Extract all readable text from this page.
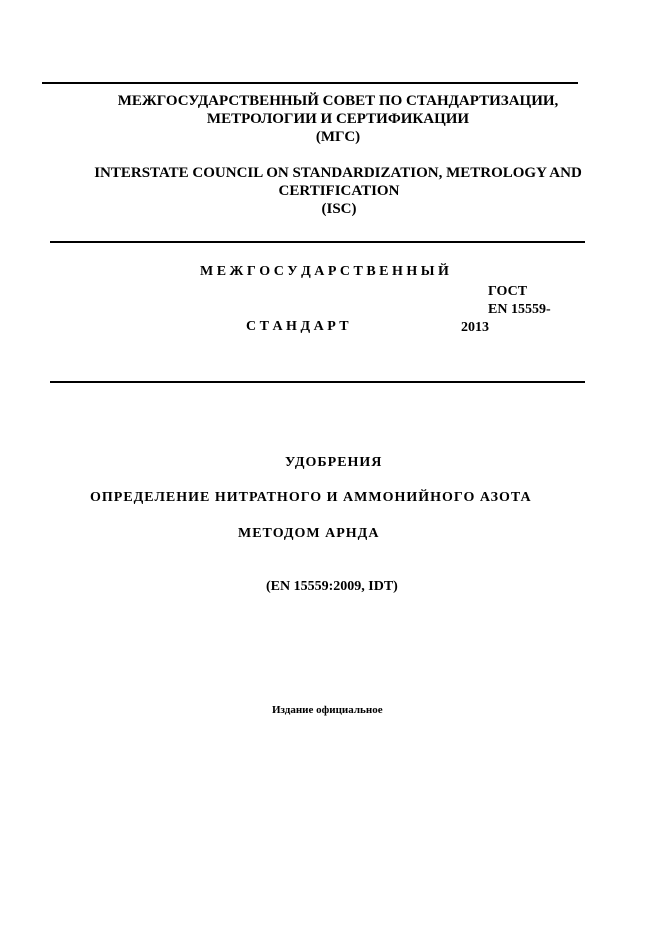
МЕЖГОСУДАРСТВЕННЫЙ СОВЕТ ПО СТАНДАРТИЗАЦИИ,
МЕТРОЛОГИИ И СЕРТИФИКАЦИИ
(МГС)
INTERSTATE COUNCIL ON STANDARDIZATION, METROLOGY AND
CERTIFICATION
(ISC)
М Е Ж Г О С У Д А Р С Т В Е Н Н Ы Й
ГОСТ
EN 15559-
С Т А Н Д А Р Т	2013
УДОБРЕНИЯ
ОПРЕДЕЛЕНИЕ НИТРАТНОГО И АММОНИЙНОГО АЗОТА
МЕТОДОМ АРНДА
(EN 15559:2009, IDT)
Издание официальное
